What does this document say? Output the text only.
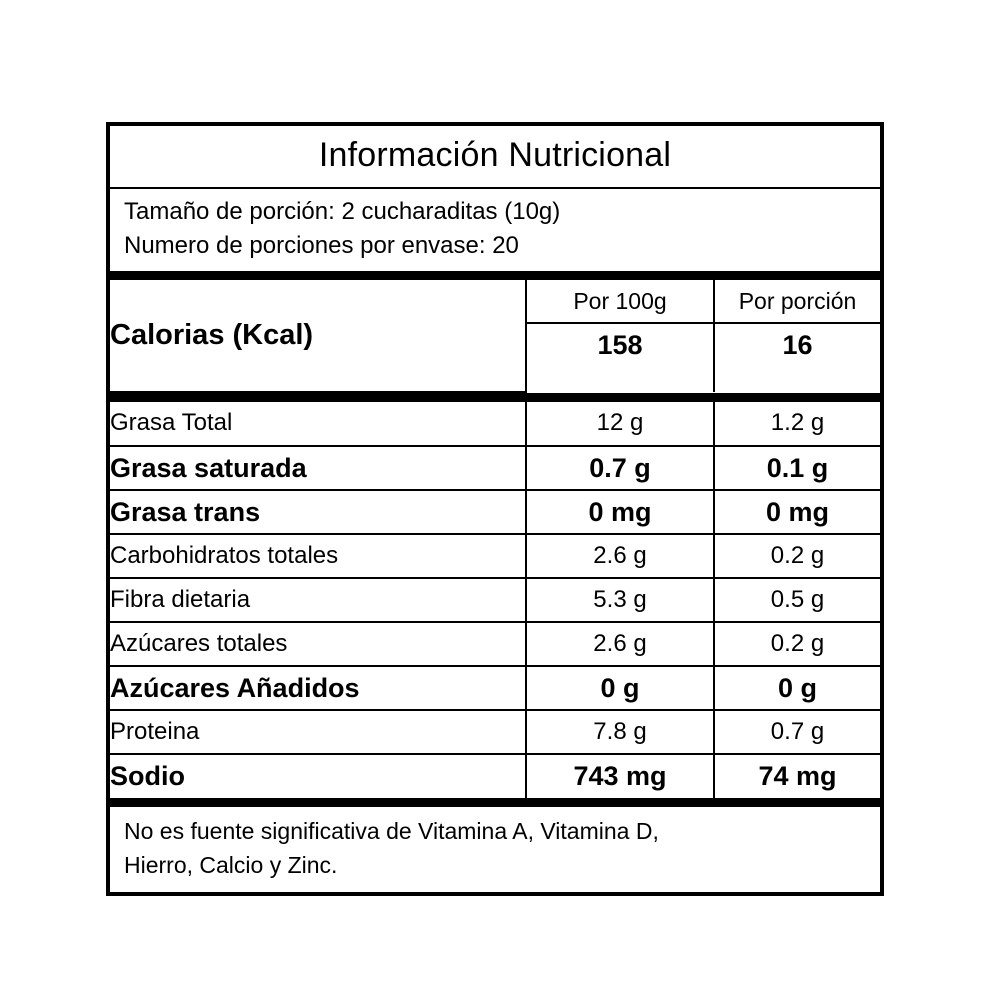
Información Nutricional
Tamaño de porción: 2 cucharaditas (10g)
Numero de porciones por envase: 20
Calorias (Kcal)	Por 100g	Por porción
	158	16

Grasa Total	12 g	1.2 g
Grasa saturada	0.7 g	0.1 g
Grasa trans	0 mg	0 mg
Carbohidratos totales	2.6 g	0.2 g
Fibra dietaria	5.3 g	0.5 g
Azúcares totales	2.6 g	0.2 g
Azúcares Añadidos	0 g	0 g
Proteina	7.8 g	0.7 g
Sodio	743 mg	74 mg
No es fuente significativa de Vitamina A, Vitamina D,
Hierro, Calcio y Zinc.
